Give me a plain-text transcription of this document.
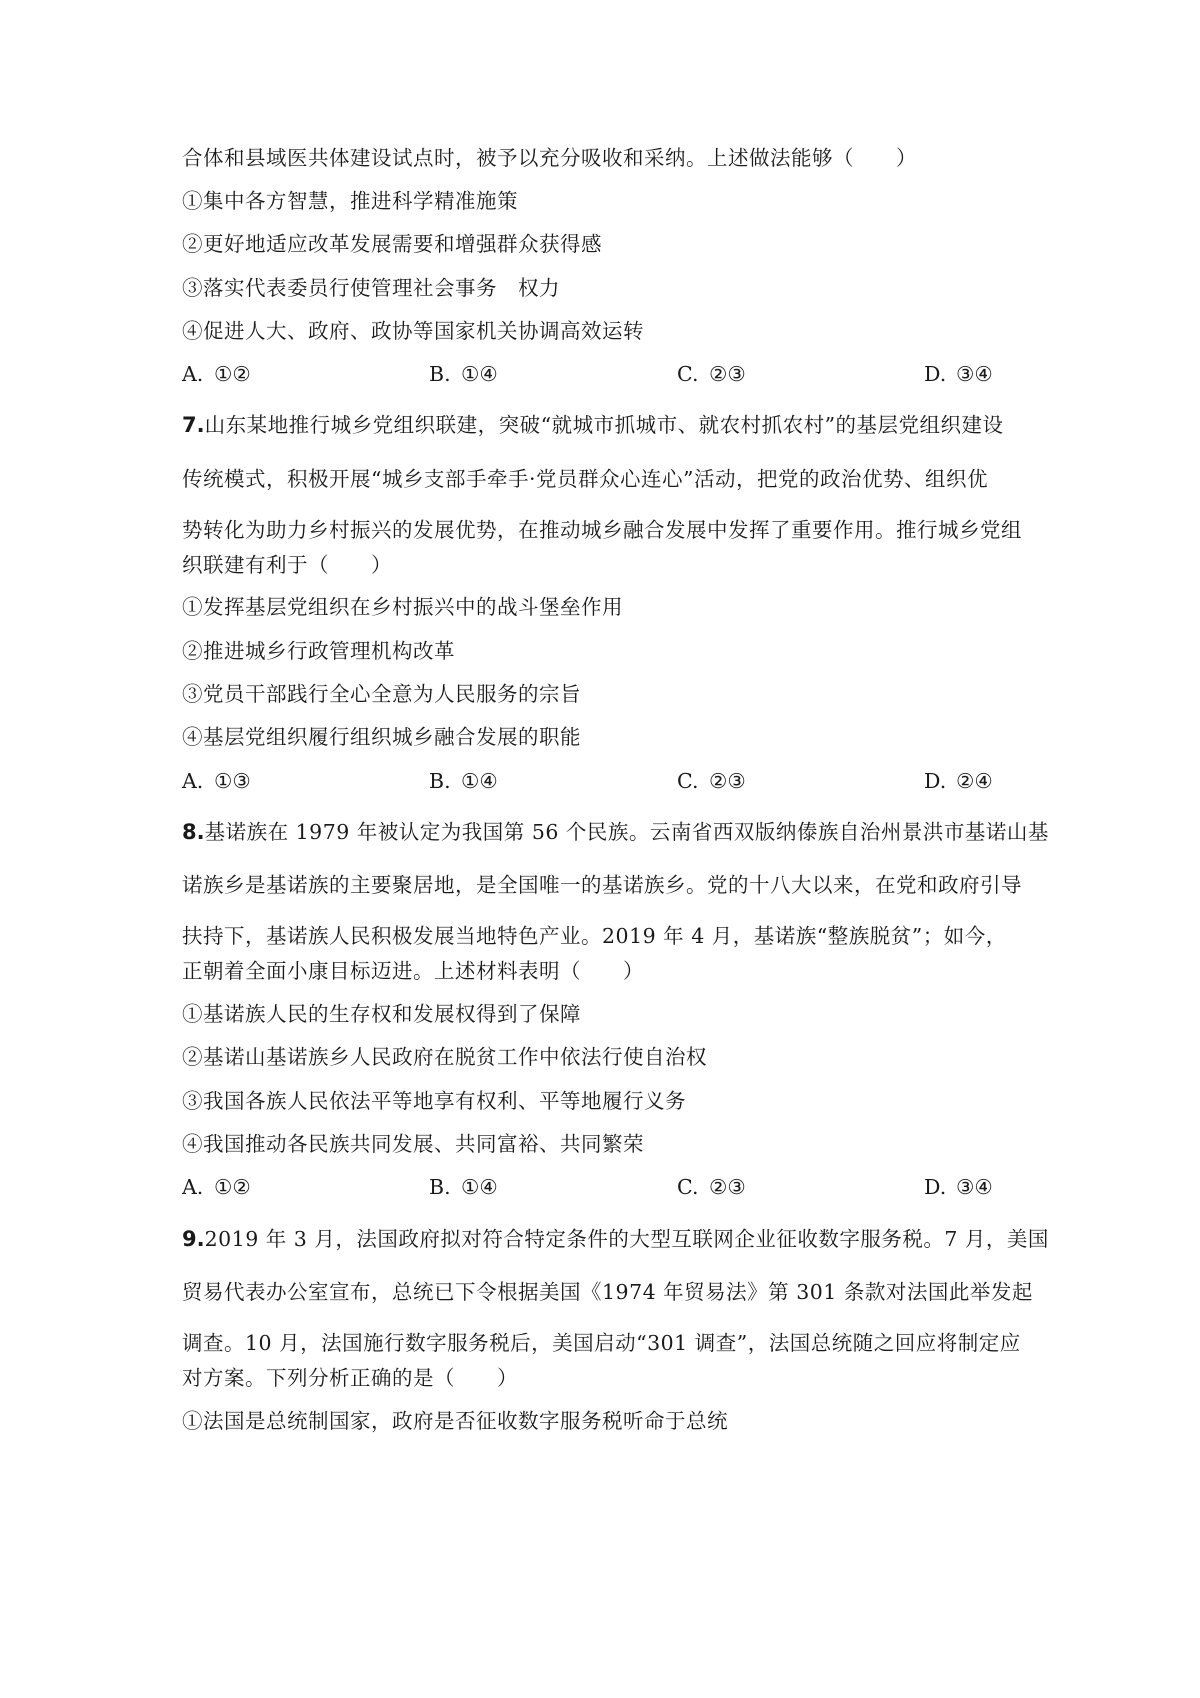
合体和县域医共体建设试点时，被予以充分吸收和采纳。上述做法能够（　　）
①集中各方智慧，推进科学精准施策
②更好地适应改革发展需要和增强群众获得感
③落实代表委员行使管理社会事务　权力
④促进人大、政府、政协等国家机关协调高效运转
A. ①②	B. ①④	C. ②③	D. ③④
7.山东某地推行城乡党组织联建，突破“就城市抓城市、就农村抓农村”的基层党组织建设
传统模式，积极开展“城乡支部手牵手·党员群众心连心”活动，把党的政治优势、组织优
势转化为助力乡村振兴的发展优势，在推动城乡融合发展中发挥了重要作用。推行城乡党组
织联建有利于（　　）
①发挥基层党组织在乡村振兴中的战斗堡垒作用
②推进城乡行政管理机构改革
③党员干部践行全心全意为人民服务的宗旨
④基层党组织履行组织城乡融合发展的职能
A. ①③	B. ①④	C. ②③	D. ②④
8.基诺族在 1979 年被认定为我国第 56 个民族。云南省西双版纳傣族自治州景洪市基诺山基
诺族乡是基诺族的主要聚居地，是全国唯一的基诺族乡。党的十八大以来，在党和政府引导
扶持下，基诺族人民积极发展当地特色产业。2019 年 4 月，基诺族“整族脱贫”；如今，
正朝着全面小康目标迈进。上述材料表明（　　）
①基诺族人民的生存权和发展权得到了保障
②基诺山基诺族乡人民政府在脱贫工作中依法行使自治权
③我国各族人民依法平等地享有权利、平等地履行义务
④我国推动各民族共同发展、共同富裕、共同繁荣
A. ①②	B. ①④	C. ②③	D. ③④
9.2019 年 3 月，法国政府拟对符合特定条件的大型互联网企业征收数字服务税。7 月，美国
贸易代表办公室宣布，总统已下令根据美国《1974 年贸易法》第 301 条款对法国此举发起
调查。10 月，法国施行数字服务税后，美国启动“301 调查”，法国总统随之回应将制定应
对方案。下列分析正确的是（　　）
①法国是总统制国家，政府是否征收数字服务税听命于总统
